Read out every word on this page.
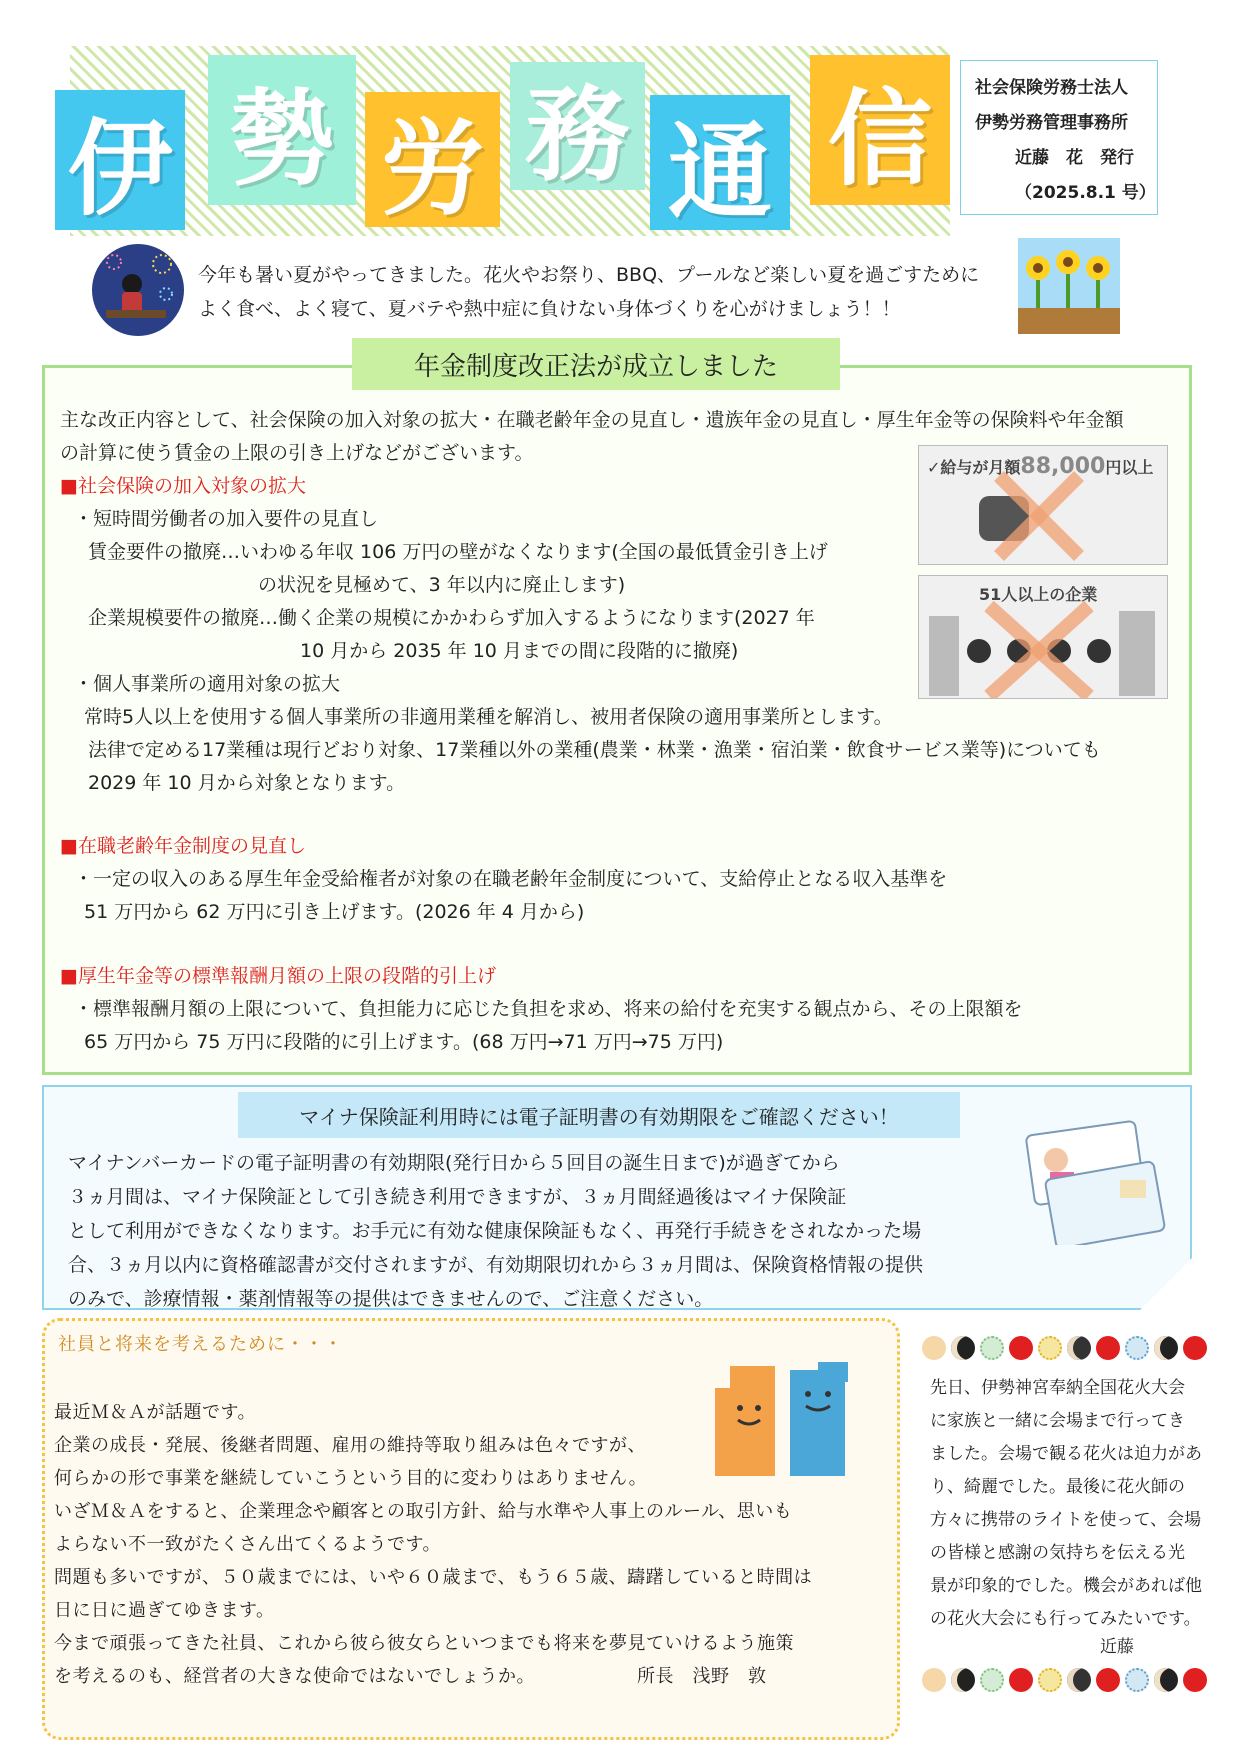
伊 勢 労 務 通 信	社会保険労務士法人
伊勢労務管理事務所
近藤　花　発行
（2025.8.1 号）
今年も暑い夏がやってきました。花火やお祭り、BBQ、プールなど楽しい夏を過ごすために
よく食べ、よく寝て、夏バテや熱中症に負けない身体づくりを心がけましょう！！
年金制度改正法が成立しました
主な改正内容として、社会保険の加入対象の拡大・在職老齢年金の見直し・遺族年金の見直し・厚生年金等の保険料や年金額
の計算に使う賃金の上限の引き上げなどがございます。
■社会保険の加入対象の拡大
・短時間労働者の加入要件の見直し
賃金要件の撤廃…いわゆる年収 106 万円の壁がなくなります(全国の最低賃金引き上げ
の状況を見極めて、3 年以内に廃止します)
企業規模要件の撤廃…働く企業の規模にかかわらず加入するようになります(2027 年
10 月から 2035 年 10 月までの間に段階的に撤廃)
・個人事業所の適用対象の拡大
常時5人以上を使用する個人事業所の非適用業種を解消し、被用者保険の適用事業所とします。
法律で定める17業種は現行どおり対象、17業種以外の業種(農業・林業・漁業・宿泊業・飲食サービス業等)についても
2029 年 10 月から対象となります。
■在職老齢年金制度の見直し
・一定の収入のある厚生年金受給権者が対象の在職老齢年金制度について、支給停止となる収入基準を
51 万円から 62 万円に引き上げます。(2026 年 4 月から)
■厚生年金等の標準報酬月額の上限の段階的引上げ
・標準報酬月額の上限について、負担能力に応じた負担を求め、将来の給付を充実する観点から、その上限額を
65 万円から 75 万円に段階的に引上げます。(68 万円→71 万円→75 万円)
✓給与が月額88,000円以上
51人以上の企業
マイナ保険証利用時には電子証明書の有効期限をご確認ください！
マイナンバーカードの電子証明書の有効期限(発行日から５回目の誕生日まで)が過ぎてから
３ヵ月間は、マイナ保険証として引き続き利用できますが、３ヵ月間経過後はマイナ保険証
として利用ができなくなります。お手元に有効な健康保険証もなく、再発行手続きをされなかった場
合、３ヵ月以内に資格確認書が交付されますが、有効期限切れから３ヵ月間は、保険資格情報の提供
のみで、診療情報・薬剤情報等の提供はできませんので、ご注意ください。
社員と将来を考えるために・・・
最近Ｍ＆Ａが話題です。
企業の成長・発展、後継者問題、雇用の維持等取り組みは色々ですが、
何らかの形で事業を継続していこうという目的に変わりはありません。
いざＭ＆Ａをすると、企業理念や顧客との取引方針、給与水準や人事上のルール、思いも
よらない不一致がたくさん出てくるようです。
問題も多いですが、５０歳までには、いや６０歳まで、もう６５歳、躊躇していると時間は
日に日に過ぎてゆきます。
今まで頑張ってきた社員、これから彼ら彼女らといつまでも将来を夢見ていけるよう施策
を考えるのも、経営者の大きな使命ではないでしょうか。　　　　　　所長　浅野　敦
先日、伊勢神宮奉納全国花火大会
に家族と一緒に会場まで行ってき
ました。会場で観る花火は迫力があ
り、綺麗でした。最後に花火師の
方々に携帯のライトを使って、会場
の皆様と感謝の気持ちを伝える光
景が印象的でした。機会があれば他
の花火大会にも行ってみたいです。
近藤
